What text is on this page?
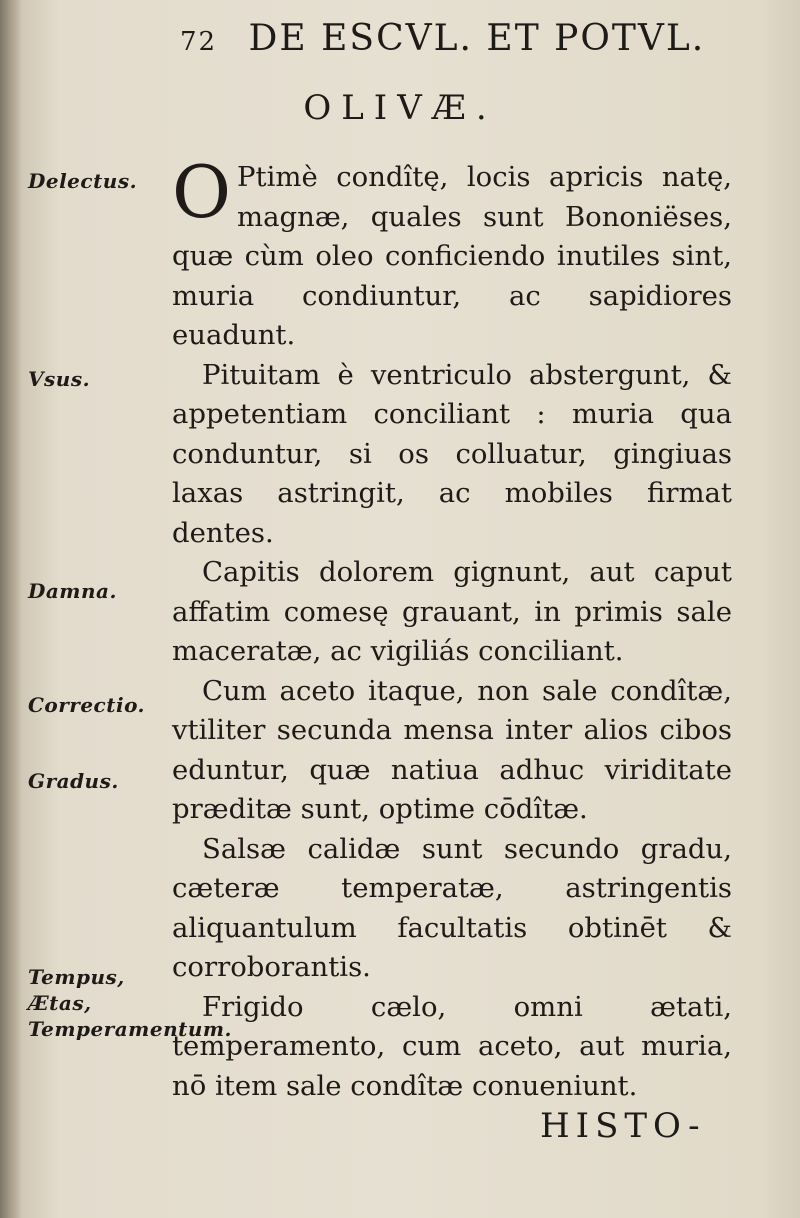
72 DE ESCVL. ET POTVL.
OLIVÆ.
Delectus.
Vsus.
Damna.
Correctio.
Gradus.
Tempus, Ætas, Temperamentum.

O Ptimè condîtę, locis apricis natę, magnæ, quales sunt Bononiëses, quæ cùm oleo conficiendo inutiles sint, muria condiuntur, ac sapidiores euadunt.

Pituitam è ventriculo abstergunt, & appetentiam conciliant : muria qua conduntur, si os colluatur, gingiuas laxas astringit, ac mobiles firmat dentes.

Capitis dolorem gignunt, aut caput affatim comesę grauant, in primis sale maceratæ, ac vigiliás conciliant.

Cum aceto itaque, non sale condîtæ, vtiliter secunda mensa inter alios cibos eduntur, quæ natiua adhuc viriditate præditæ sunt, optime cōdîtæ.

Salsæ calidæ sunt secundo gradu, cæteræ temperatæ, astringentis aliquantulum facultatis obtinēt & corroborantis.

Frigido cælo, omni ætati, temperamento, cum aceto, aut muria, nō item sale condîtæ conueniunt.

HISTO-
